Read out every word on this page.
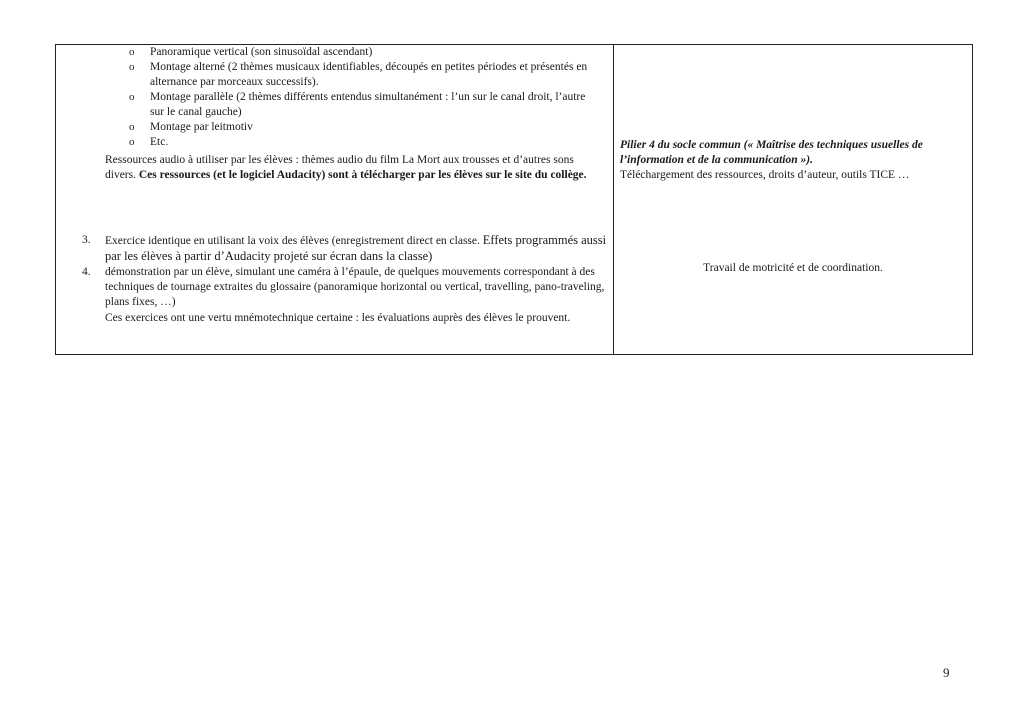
o Panoramique vertical (son sinusoïdal ascendant)
o Montage alterné (2 thèmes musicaux identifiables, découpés en petites périodes et présentés en alternance par morceaux successifs).
o Montage parallèle (2 thèmes différents entendus simultanément : l’un sur le canal droit, l’autre sur le canal gauche)
o Montage par leitmotiv
o Etc.
Ressources audio à utiliser par les élèves : thèmes audio du film La Mort aux trousses et d’autres sons divers. Ces ressources (et le logiciel Audacity) sont à télécharger par les élèves sur le site du collège.
3. Exercice identique en utilisant la voix des élèves (enregistrement direct en classe. Effets programmés aussi par les élèves à partir d’Audacity projeté sur écran dans la classe)
4. démonstration par un élève, simulant une caméra à l’épaule, de quelques mouvements correspondant à des techniques de tournage extraites du glossaire (panoramique horizontal ou vertical, travelling, pano-traveling, plans fixes, …)
Ces exercices ont une vertu mnémotechnique certaine : les évaluations auprès des élèves le prouvent.
Pilier 4 du socle commun (« Maîtrise des techniques usuelles de l’information et de la communication »).
Téléchargement des ressources, droits d’auteur, outils TICE …
Travail de motricité et de coordination.
9
